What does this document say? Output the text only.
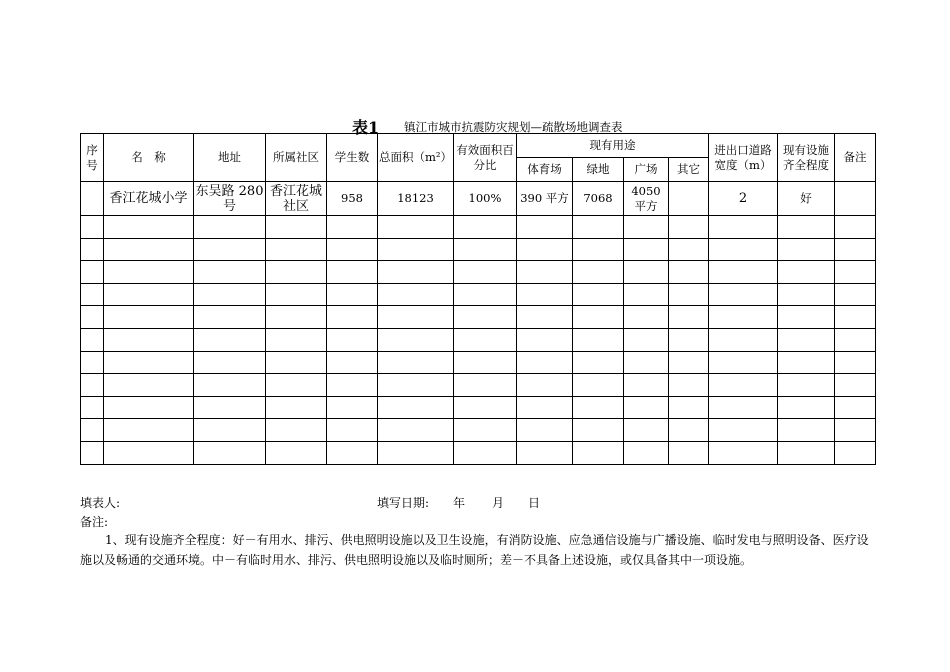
表1 镇江市城市抗震防灾规划—疏散场地调查表
序号	名　称	地址	所属社区	学生数	总面积（m²）	有效面积百分比	现有用途				进出口道路宽度（m）	现有设施齐全程度	备注
							体育场	绿地	广场	其它			
	香江花城小学	东吴路 280 号	香江花城社区	958	18123	100%	390 平方	7068	4050 平方		2	好	

填表人:	填写日期: 年 月 日
备注:
1、现有设施齐全程度：好－有用水、排污、供电照明设施以及卫生设施，有消防设施、应急通信设施与广播设施、临时发电与照明设备、医疗设施以及畅通的交通环境。中－有临时用水、排污、供电照明设施以及临时厕所；差－不具备上述设施，或仅具备其中一项设施。
